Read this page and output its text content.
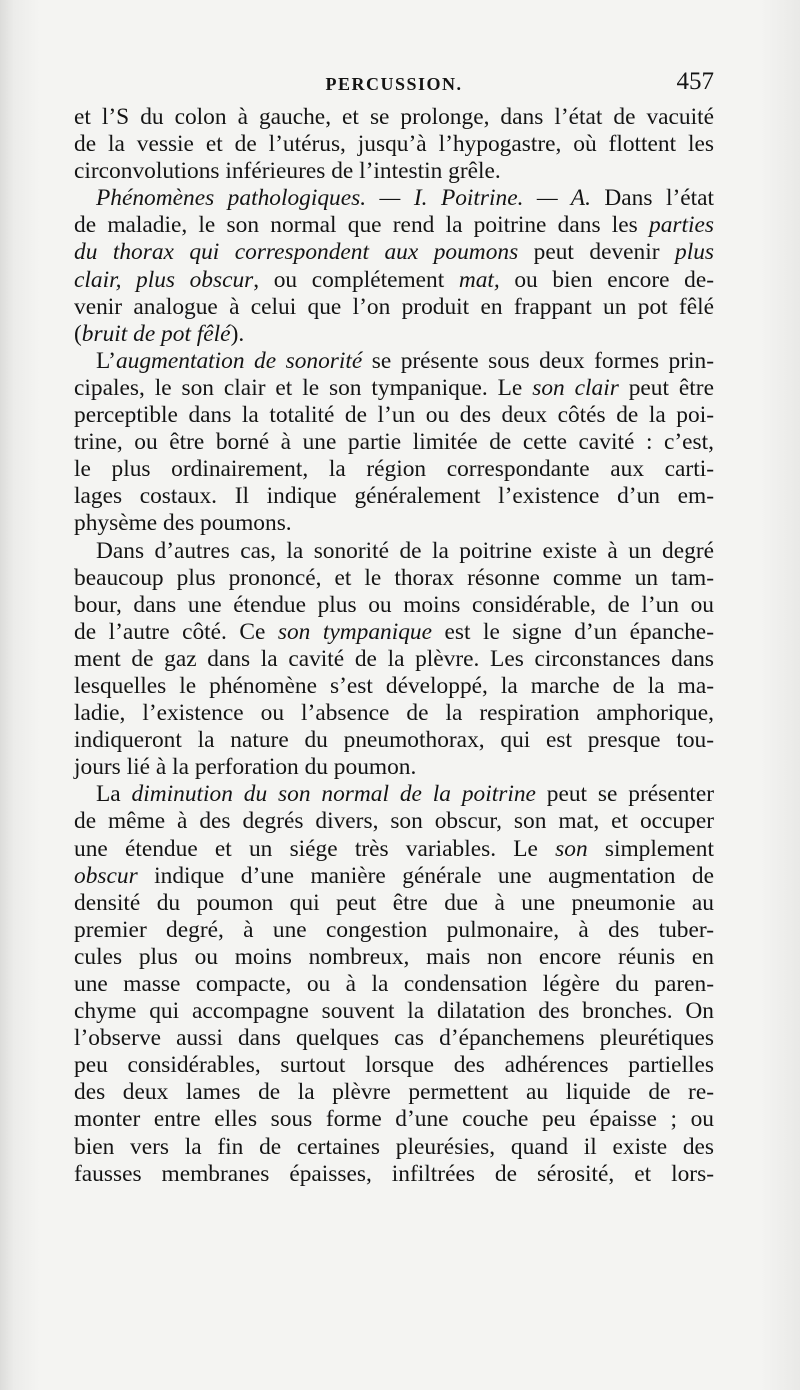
PERCUSSION.	457
et l’S du colon à gauche, et se prolonge, dans l’état de vacuité
de la vessie et de l’utérus, jusqu’à l’hypogastre, où flottent les
circonvolutions inférieures de l’intestin grêle.
Phénomènes pathologiques. — I. Poitrine. — A. Dans l’état
de maladie, le son normal que rend la poitrine dans les parties
du thorax qui correspondent aux poumons peut devenir plus
clair, plus obscur, ou complétement mat, ou bien encore de-
venir analogue à celui que l’on produit en frappant un pot fêlé
(bruit de pot fêlé).
L’augmentation de sonorité se présente sous deux formes prin-
cipales, le son clair et le son tympanique. Le son clair peut être
perceptible dans la totalité de l’un ou des deux côtés de la poi-
trine, ou être borné à une partie limitée de cette cavité : c’est,
le plus ordinairement, la région correspondante aux carti-
lages costaux. Il indique généralement l’existence d’un em-
physème des poumons.
Dans d’autres cas, la sonorité de la poitrine existe à un degré
beaucoup plus prononcé, et le thorax résonne comme un tam-
bour, dans une étendue plus ou moins considérable, de l’un ou
de l’autre côté. Ce son tympanique est le signe d’un épanche-
ment de gaz dans la cavité de la plèvre. Les circonstances dans
lesquelles le phénomène s’est développé, la marche de la ma-
ladie, l’existence ou l’absence de la respiration amphorique,
indiqueront la nature du pneumothorax, qui est presque tou-
jours lié à la perforation du poumon.
La diminution du son normal de la poitrine peut se présenter
de même à des degrés divers, son obscur, son mat, et occuper
une étendue et un siége très variables. Le son simplement
obscur indique d’une manière générale une augmentation de
densité du poumon qui peut être due à une pneumonie au
premier degré, à une congestion pulmonaire, à des tuber-
cules plus ou moins nombreux, mais non encore réunis en
une masse compacte, ou à la condensation légère du paren-
chyme qui accompagne souvent la dilatation des bronches. On
l’observe aussi dans quelques cas d’épanchemens pleurétiques
peu considérables, surtout lorsque des adhérences partielles
des deux lames de la plèvre permettent au liquide de re-
monter entre elles sous forme d’une couche peu épaisse ; ou
bien vers la fin de certaines pleurésies, quand il existe des
fausses membranes épaisses, infiltrées de sérosité, et lors-
